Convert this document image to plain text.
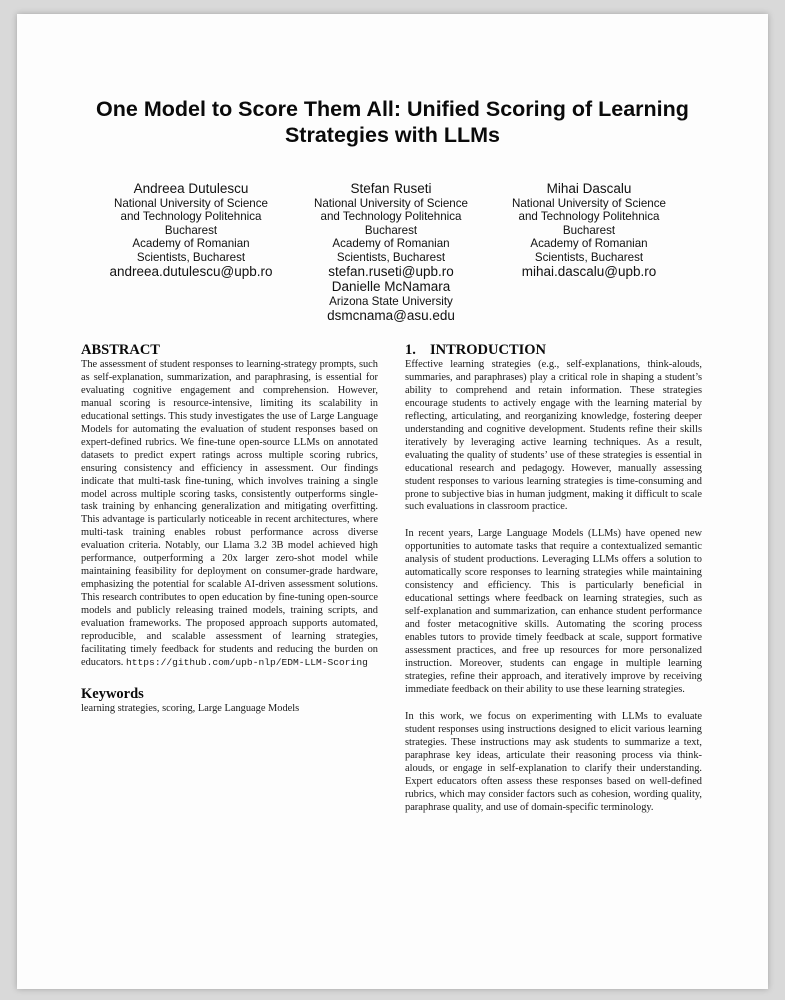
One Model to Score Them All: Unified Scoring of Learning
Strategies with LLMs
Andreea Dutulescu
National University of Science
and Technology Politehnica
Bucharest
Academy of Romanian
Scientists, Bucharest
andreea.dutulescu@upb.ro
Stefan Ruseti
National University of Science
and Technology Politehnica
Bucharest
Academy of Romanian
Scientists, Bucharest
stefan.ruseti@upb.ro
Mihai Dascalu
National University of Science
and Technology Politehnica
Bucharest
Academy of Romanian
Scientists, Bucharest
mihai.dascalu@upb.ro
Danielle McNamara
Arizona State University
dsmcnama@asu.edu
ABSTRACT

The assessment of student responses to learning-strategy prompts, such as self-explanation, summarization, and paraphrasing, is essential for evaluating cognitive engagement and comprehension. However, manual scoring is resource-intensive, limiting its scalability in educational settings. This study investigates the use of Large Language Models for automating the evaluation of student responses based on expert-defined rubrics. We fine-tune open-source LLMs on annotated datasets to predict expert ratings across multiple scoring rubrics, ensuring consistency and efficiency in assessment. Our findings indicate that multi-task fine-tuning, which involves training a single model across multiple scoring tasks, consistently outperforms single-task training by enhancing generalization and mitigating overfitting. This advantage is particularly noticeable in recent architectures, where multi-task training enables robust performance across diverse evaluation criteria. Notably, our Llama 3.2 3B model achieved high performance, outperforming a 20x larger zero-shot model while maintaining feasibility for deployment on consumer-grade hardware, emphasizing the potential for scalable AI-driven assessment solutions. This research contributes to open education by fine-tuning open-source models and publicly releasing trained models, training scripts, and evaluation frameworks. The proposed approach supports automated, reproducible, and scalable assessment of learning strategies, facilitating timely feedback for students and reducing the burden on educators. https://github.com/upb-nlp/EDM-LLM-Scoring

Keywords

learning strategies, scoring, Large Language Models

1. INTRODUCTION

Effective learning strategies (e.g., self-explanations, think-alouds, summaries, and paraphrases) play a critical role in shaping a student’s ability to comprehend and retain information. These strategies encourage students to actively engage with the learning material by reflecting, articulating, and reorganizing knowledge, fostering deeper understanding and cognitive development. Students refine their skills iteratively by leveraging active learning techniques. As a result, evaluating the quality of students’ use of these strategies is essential in educational research and pedagogy. However, manually assessing student responses to various learning strategies is time-consuming and prone to subjective bias in human judgment, making it difficult to scale such evaluations in classroom practice.

In recent years, Large Language Models (LLMs) have opened new opportunities to automate tasks that require a contextualized semantic analysis of student productions. Leveraging LLMs offers a solution to automatically score responses to learning strategies while maintaining consistency and efficiency. This is particularly beneficial in educational settings where feedback on learning strategies, such as self-explanation and summarization, can enhance student performance and foster metacognitive skills. Automating the scoring process enables tutors to provide timely feedback at scale, support formative assessment practices, and free up resources for more personalized instruction. Moreover, students can engage in multiple learning strategies, refine their approach, and iteratively improve by receiving immediate feedback on their ability to use these learning strategies.

In this work, we focus on experimenting with LLMs to evaluate student responses using instructions designed to elicit various learning strategies. These instructions may ask students to summarize a text, paraphrase key ideas, articulate their reasoning process via think-alouds, or engage in self-explanation to clarify their understanding. Expert educators often assess these responses based on well-defined rubrics, which may consider factors such as cohesion, wording quality, paraphrase quality, and use of domain-specific terminology.
